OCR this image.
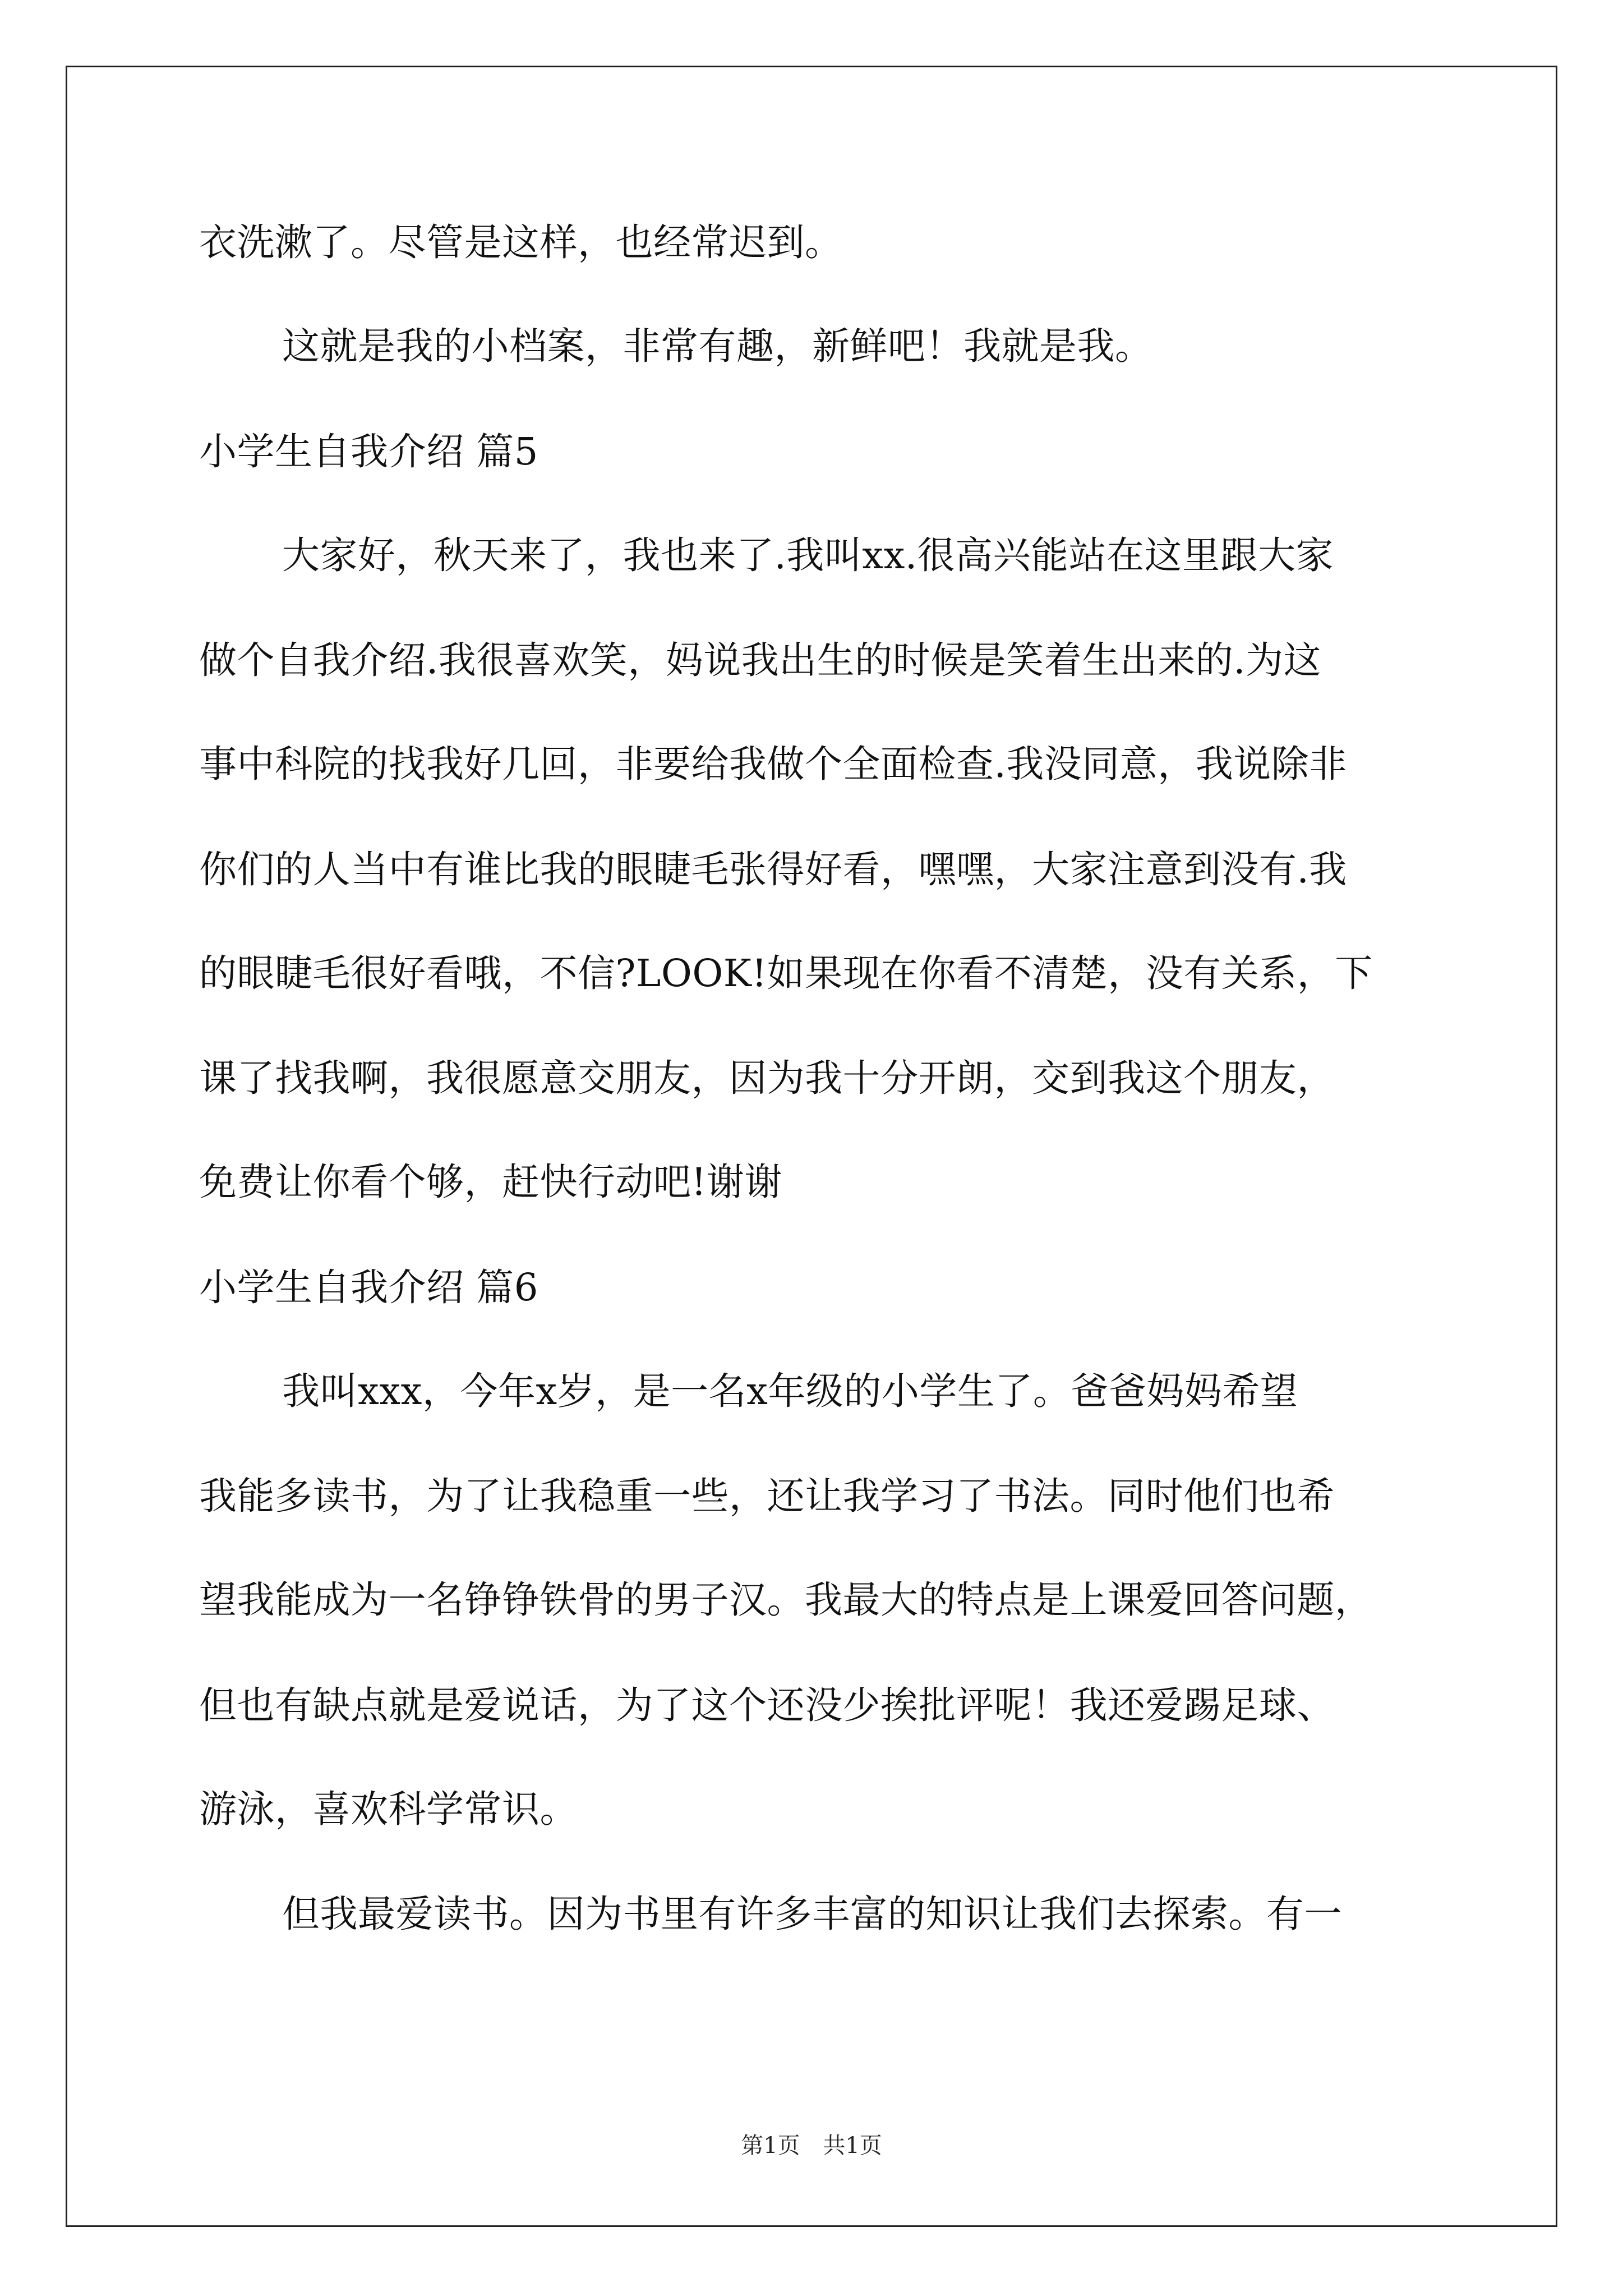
衣洗漱了。尽管是这样，也经常迟到。
这就是我的小档案，非常有趣，新鲜吧！我就是我。
小学生自我介绍 篇5
大家好，秋天来了，我也来了.我叫xx.很高兴能站在这里跟大家
做个自我介绍.我很喜欢笑，妈说我出生的时候是笑着生出来的.为这
事中科院的找我好几回，非要给我做个全面检查.我没同意，我说除非
你们的人当中有谁比我的眼睫毛张得好看，嘿嘿，大家注意到没有.我
的眼睫毛很好看哦，不信?LOOK!如果现在你看不清楚，没有关系，下
课了找我啊，我很愿意交朋友，因为我十分开朗，交到我这个朋友，
免费让你看个够，赶快行动吧!谢谢
小学生自我介绍 篇6
我叫xxx，今年x岁，是一名x年级的小学生了。爸爸妈妈希望
我能多读书，为了让我稳重一些，还让我学习了书法。同时他们也希
望我能成为一名铮铮铁骨的男子汉。我最大的特点是上课爱回答问题，
但也有缺点就是爱说话，为了这个还没少挨批评呢！我还爱踢足球、
游泳，喜欢科学常识。
但我最爱读书。因为书里有许多丰富的知识让我们去探索。有一
第1页 共1页
